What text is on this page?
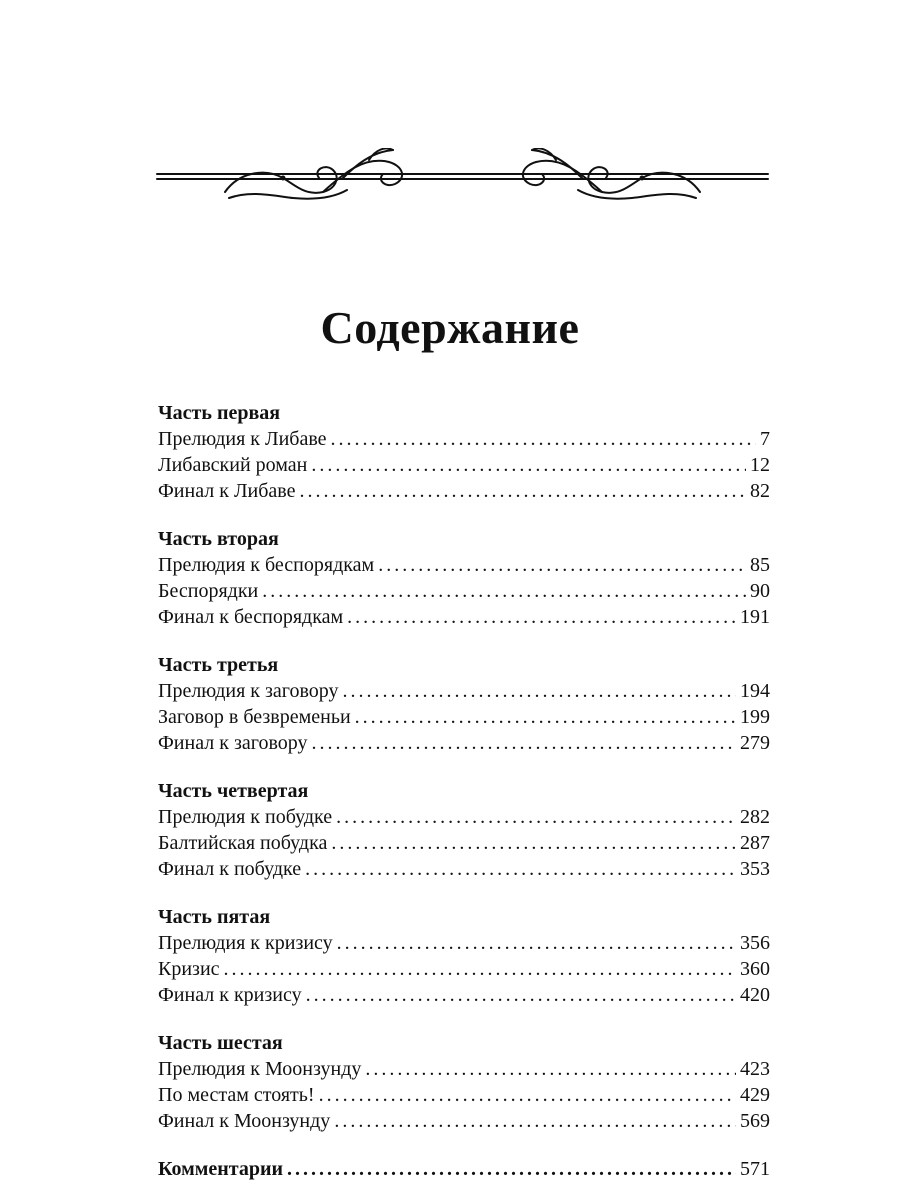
Содержание
Часть первая
Прелюдия к Либаве . . .	7
Либавский роман . . .	12
Финал к Либаве . . .	82
Часть вторая
Прелюдия к беспорядкам . . .	85
Беспорядки . . .	90
Финал к беспорядкам . . .	191
Часть третья
Прелюдия к заговору . . .	194
Заговор в безвременьи . . .	199
Финал к заговору . . .	279
Часть четвертая
Прелюдия к побудке . . .	282
Балтийская побудка . . .	287
Финал к побудке . . .	353
Часть пятая
Прелюдия к кризису . . .	356
Кризис . . .	360
Финал к кризису . . .	420
Часть шестая
Прелюдия к Моонзунду . . .	423
По местам стоять! . . .	429
Финал к Моонзунду . . .	569
Комментарии . . .	571
